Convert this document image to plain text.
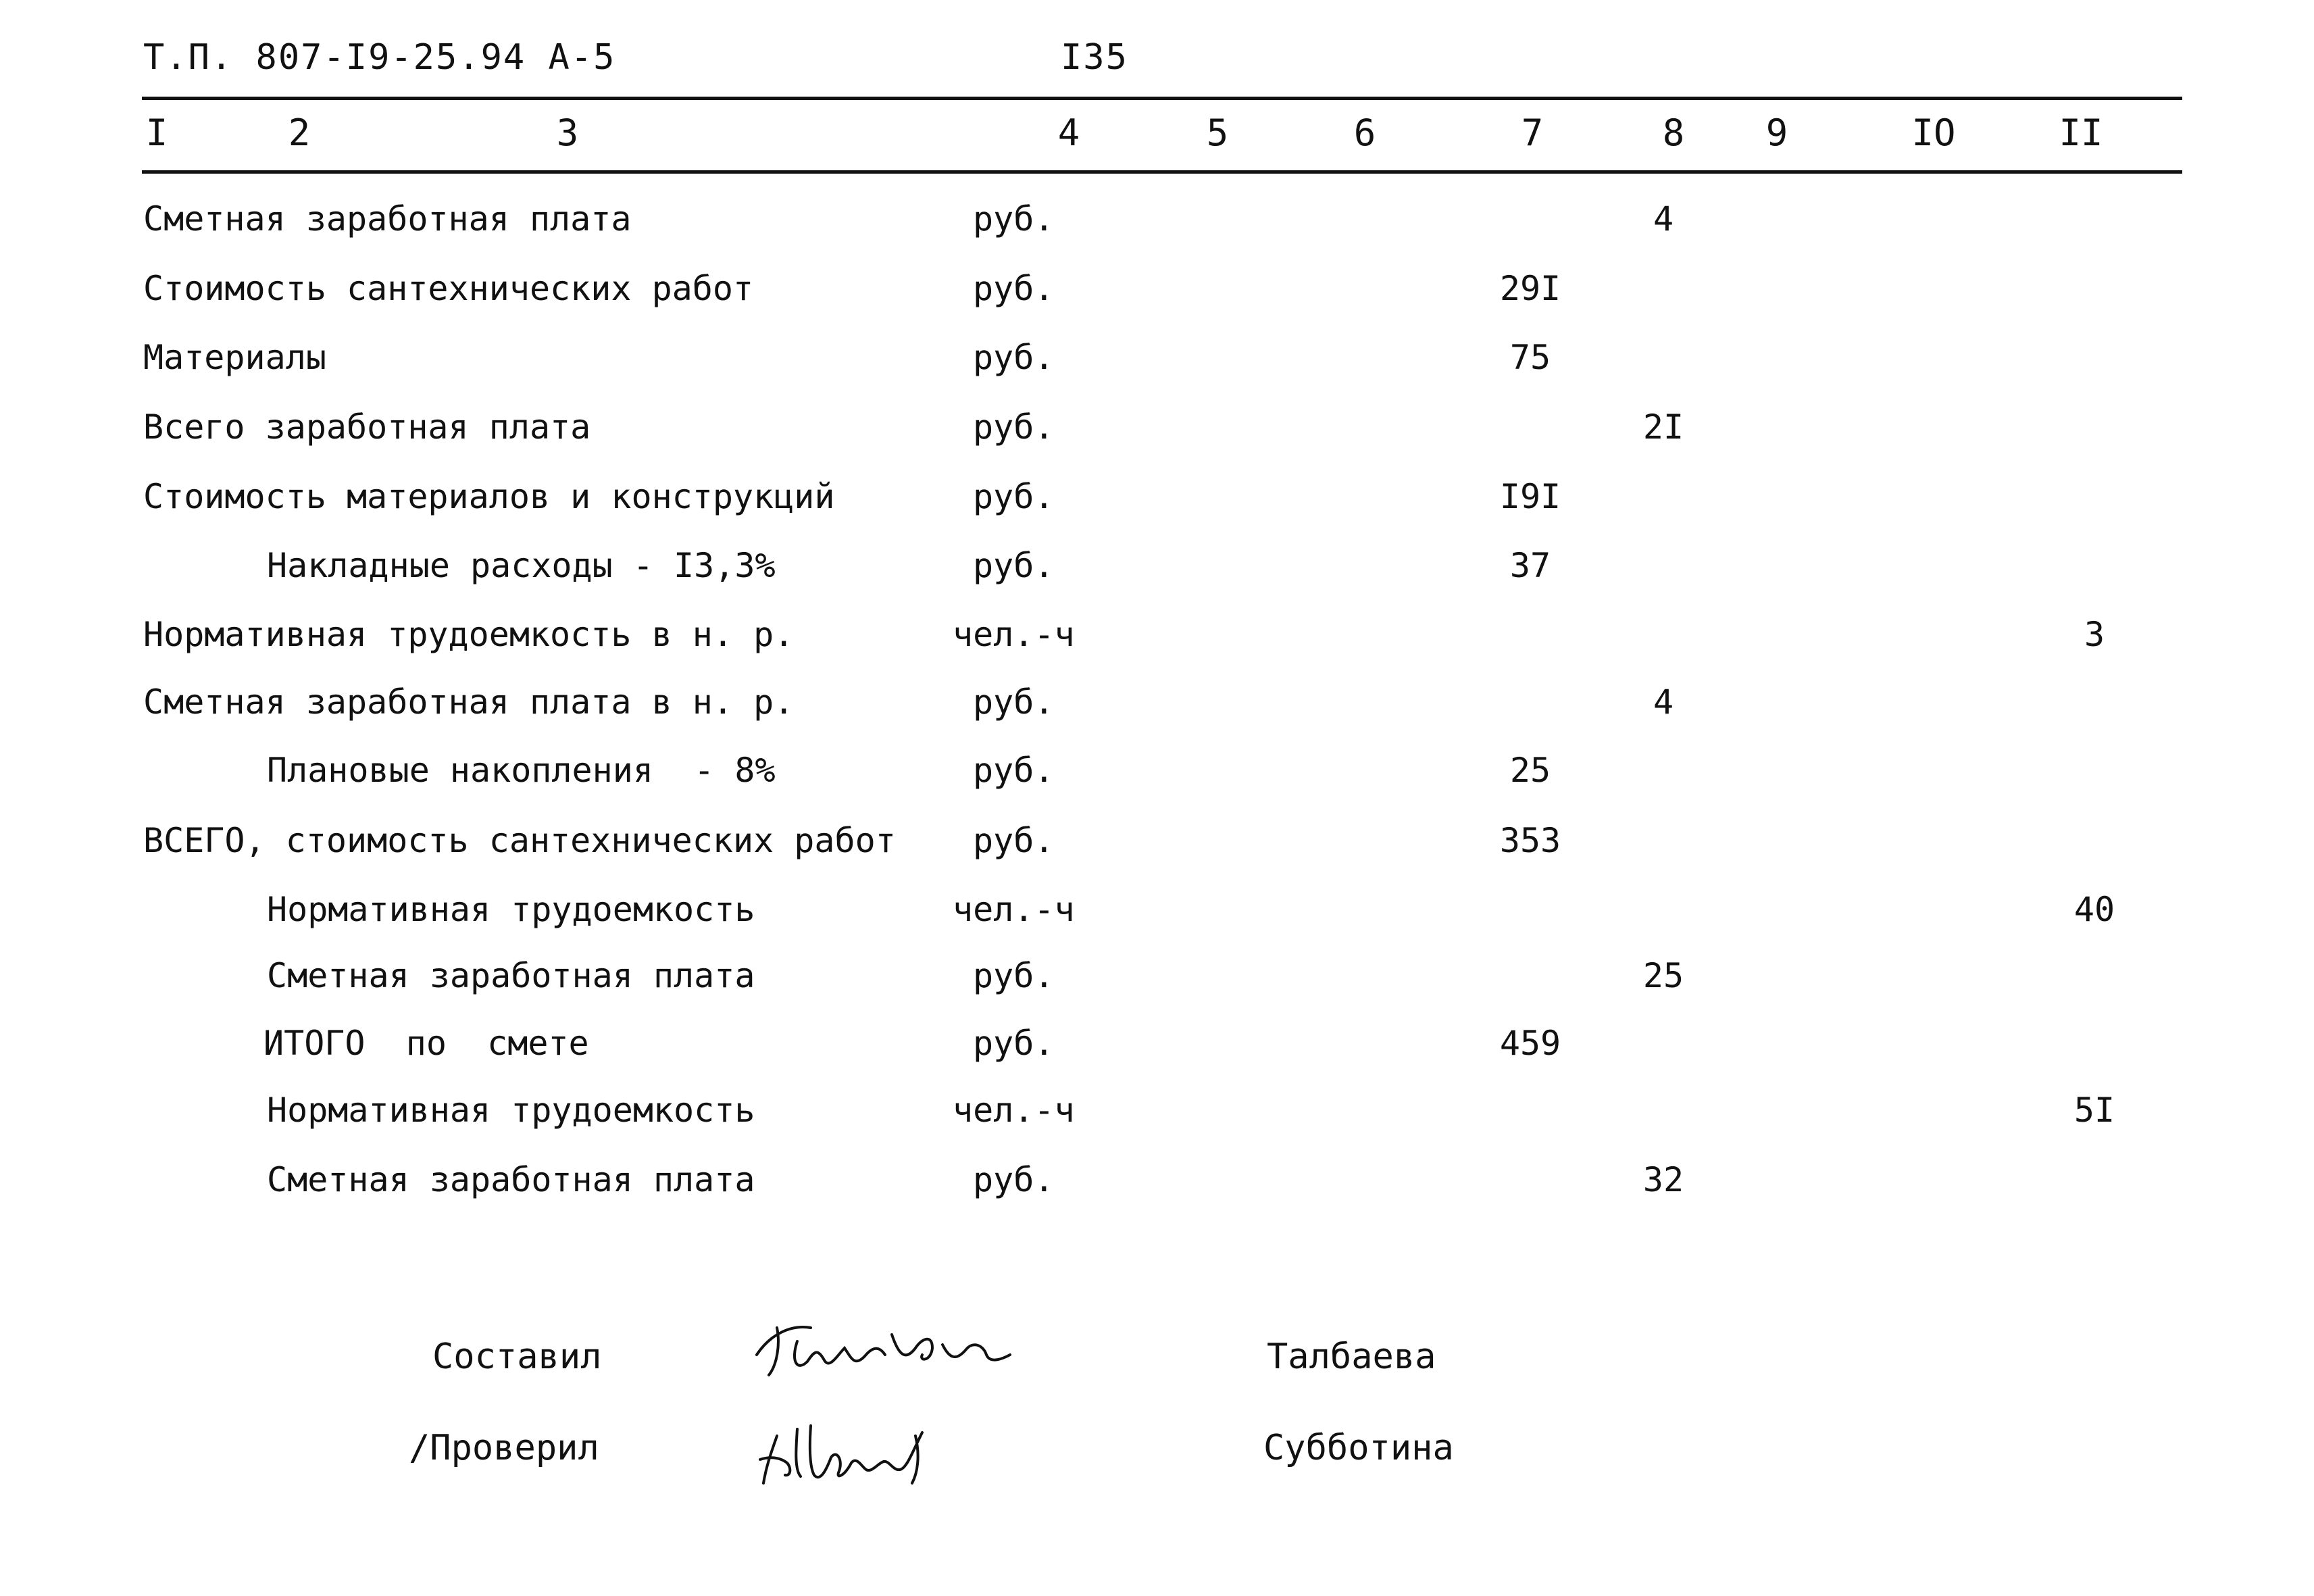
Т.П. 807-I9-25.94 А-5	I35
I	2	3	4	5	6	7	8 9	IO	II
Сметная заработная плата	руб.	4
Стоимость сантехнических работ	руб.	29I
Материалы	руб.	75
Всего заработная плата	руб.	2I
Стоимость материалов и конструкций	руб.	I9I
Накладные расходы - I3,3%	руб.	37
Нормативная трудоемкость в н. р.	чел.-ч	3
Сметная заработная плата в н. р.	руб.	4
Плановые накопления  - 8%	руб.	25
ВСЕГО, стоимость сантехнических работ руб.	353
Нормативная трудоемкость	чел.-ч	40
Сметная заработная плата	руб.	25
ИТОГО  по  смете	руб.	459
Нормативная трудоемкость	чел.-ч	5I
Сметная заработная плата	руб.	32
Составил	Талбаева
/Проверил	Субботина
